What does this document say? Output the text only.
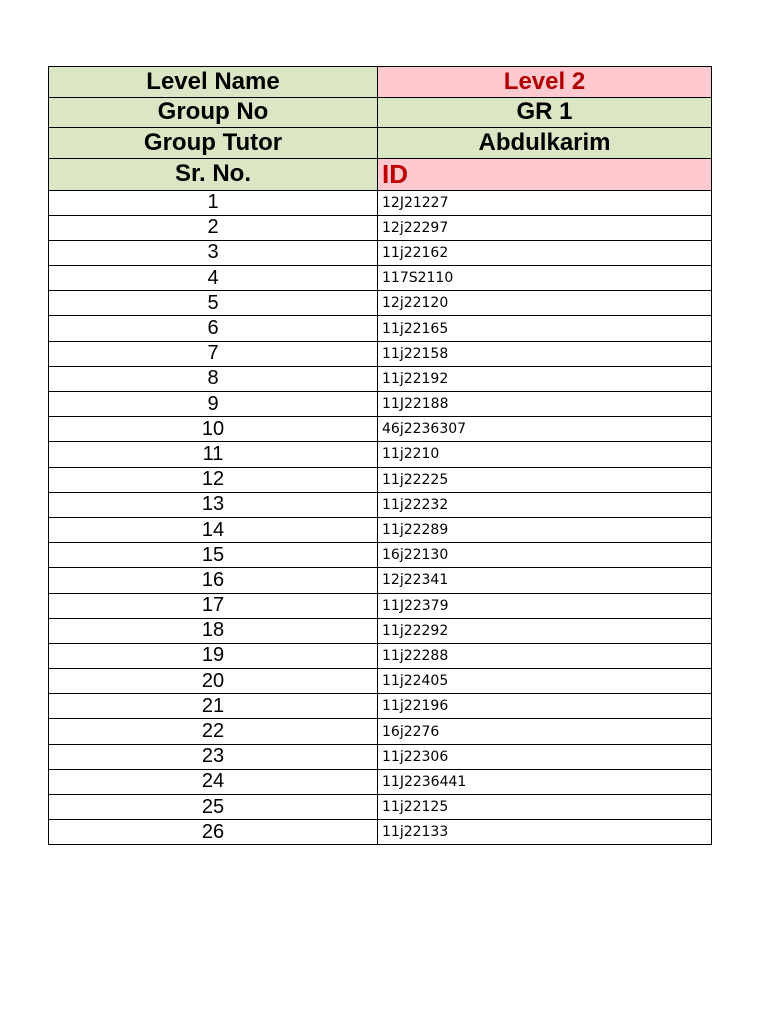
Level Name	Level 2
Group No	GR 1
Group Tutor	Abdulkarim
Sr. No.	ID
1	12J21227
2	12j22297
3	11j22162
4	117S2110
5	12j22120
6	11j22165
7	11j22158
8	11j22192
9	11J22188
10	46j2236307
11	11j2210
12	11j22225
13	11j22232
14	11j22289
15	16j22130
16	12j22341
17	11J22379
18	11j22292
19	11j22288
20	11j22405
21	11j22196
22	16j2276
23	11j22306
24	11J2236441
25	11j22125
26	11j22133
